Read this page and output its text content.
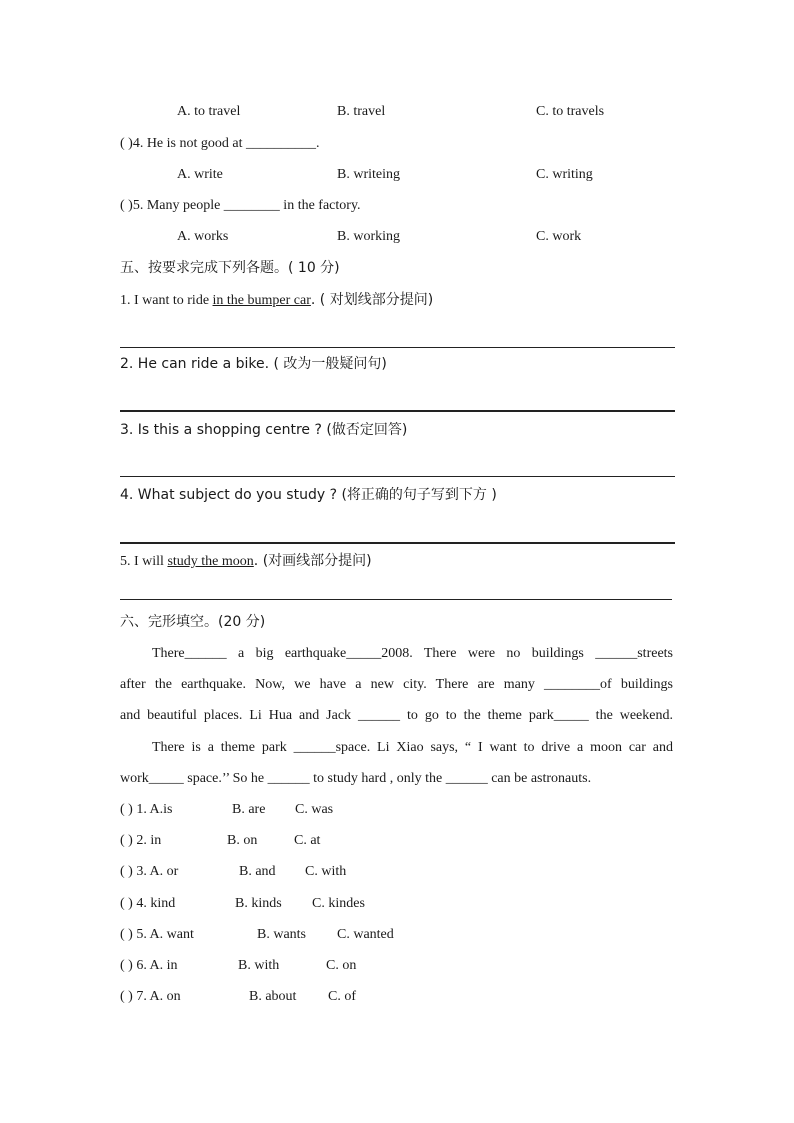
A. to travel	B. travel	C. to travels
( )4. He is not good at __________.
A. write	B. writeing	C. writing
( )5. Many people ________ in the factory.
A. works	B. working	C. work
五、按要求完成下列各题。( 10 分)
1. I want to ride in the bumper car. ( 对划线部分提问)
2. He can ride a bike. ( 改为一般疑问句)
3. Is this a shopping centre ? (做否定回答)
4. What subject do you study ? (将正确的句子写到下方 )
5. I will study the moon. (对画线部分提问)
六、完形填空。(20 分)
There______ a big earthquake_____2008. There were no buildings ______streets
after the earthquake. Now, we have a new city. There are many ________of buildings
and beautiful places. Li Hua and Jack ______ to go to the theme park_____ the weekend.
There is a theme park ______space. Li Xiao says, “ I want to drive a moon car and
work_____ space.’’ So he ______ to study hard , only the ______ can be astronauts.
( ) 1. A.is	B. are C. was
( ) 2. in	B. on	C. at
( ) 3. A. or	B. and C. with
( ) 4. kind	B. kinds C. kindes
( ) 5. A. want	B. wants C. wanted
( ) 6. A. in	B. with	C. on
( ) 7. A. on	B. about C. of
